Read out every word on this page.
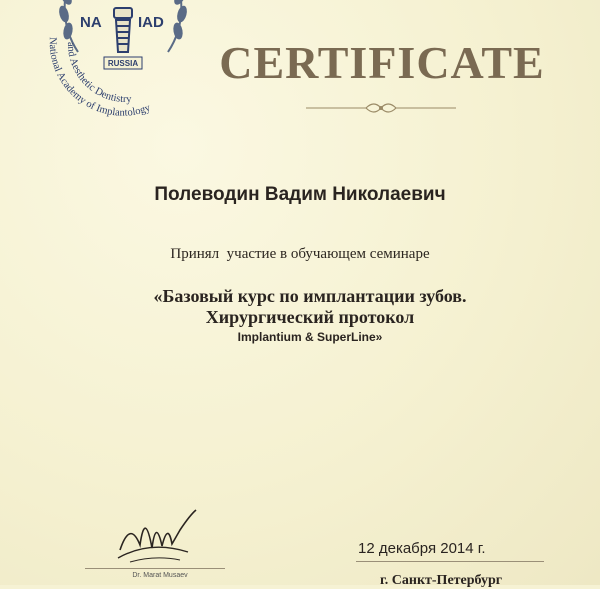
NA IAD
RUSSIA
National Academy of Implantology
and Aesthetic Dentistry
CERTIFICATE
Полеводин Вадим Николаевич
Принял  участие в обучающем семинаре
«Базовый курс по имплантации зубов.
Хирургический протокол
Implantium & SuperLine»
Dr. Marat Musaev
12 декабря 2014 г.
г. Санкт-Петербург
